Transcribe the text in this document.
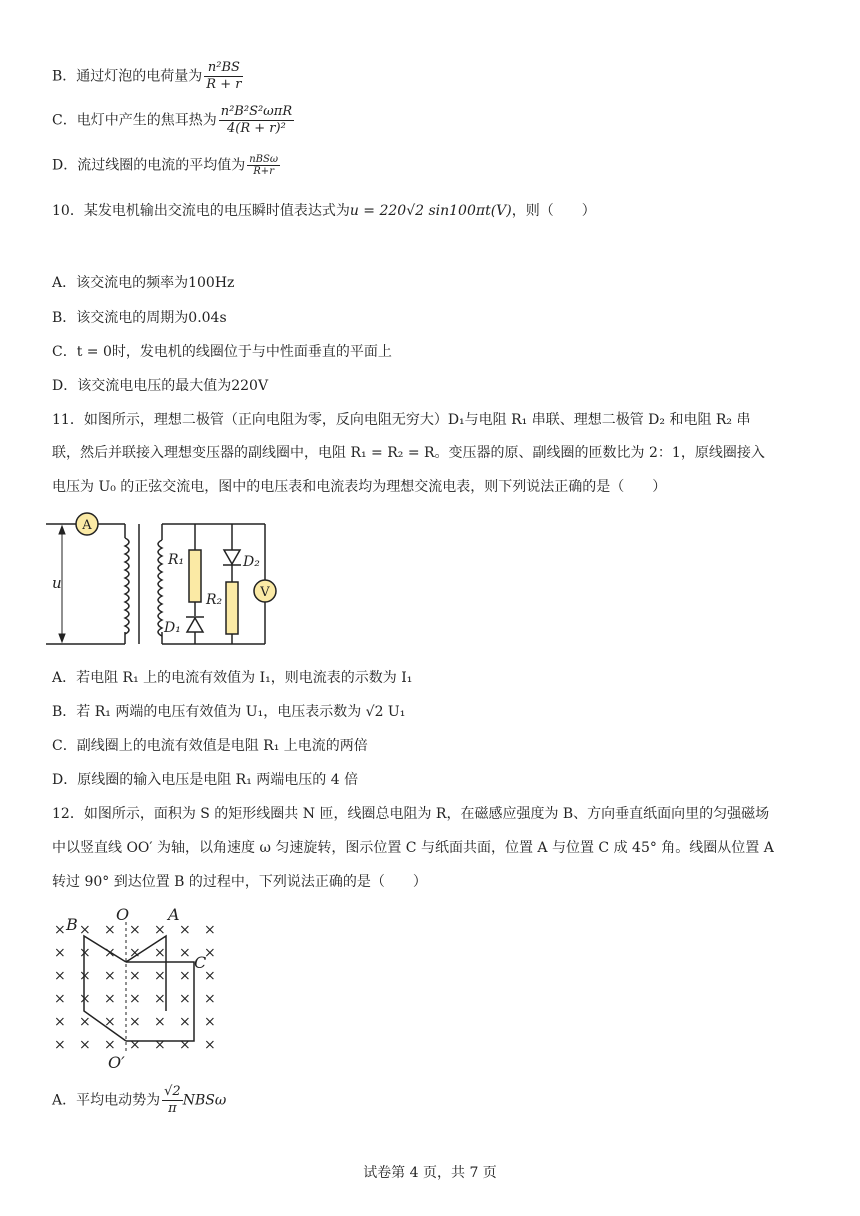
B．通过灯泡的电荷量为 $\frac{\text{n²BS}}{R + r}$
C．电灯中产生的焦耳热为 $\frac{\text{n²B²S²ωπR}}{\text{4(R + r)²}}$
D．流过线圈的电流的平均值为 $\frac{\text{nBSω}}{R+r}$
10．某发电机输出交流电的电压瞬时值表达式为u = 220√2 sin100πt(V)，则（　　）
A．该交流电的频率为100Hz
B．该交流电的周期为0.04s
C．t = 0时，发电机的线圈位于与中性面垂直的平面上
D．该交流电电压的最大值为220V
11．如图所示，理想二极管（正向电阻为零，反向电阻无穷大）D₁与电阻 R₁ 串联、理想二极管 D₂ 和电阻 R₂ 串
联，然后并联接入理想变压器的副线圈中，电阻 R₁ = R₂ = R。变压器的原、副线圈的匝数比为 2：1，原线圈接入
电压为 U₀ 的正弦交流电，图中的电压表和电流表均为理想交流电表，则下列说法正确的是（　　）
A
u
R₁
D₁
D₂
R₂	V
A．若电阻 R₁ 上的电流有效值为 I₁，则电流表的示数为 I₁
B．若 R₁ 两端的电压有效值为 U₁，电压表示数为 √2 U₁
C．副线圈上的电流有效值是电阻 R₁ 上电流的两倍
D．原线圈的输入电压是电阻 R₁ 两端电压的 4 倍
12．如图所示，面积为 S 的矩形线圈共 N 匝，线圈总电阻为 R，在磁感应强度为 B、方向垂直纸面向里的匀强磁场
中以竖直线 OO′ 为轴，以角速度 ω 匀速旋转，图示位置 C 与纸面共面，位置 A 与位置 C 成 45° 角。线圈从位置 A
转过 90° 到达位置 B 的过程中，下列说法正确的是（　　）
× × × × × × ×
× × × × × × ×
× × × × × × ×
× × × × × × ×
× × × × × × ×
× × × × × × ×
B
O A
C
O′
A．平均电动势为 $\frac{√2}{\pi}$ NBSω
试卷第 4 页，共 7 页
